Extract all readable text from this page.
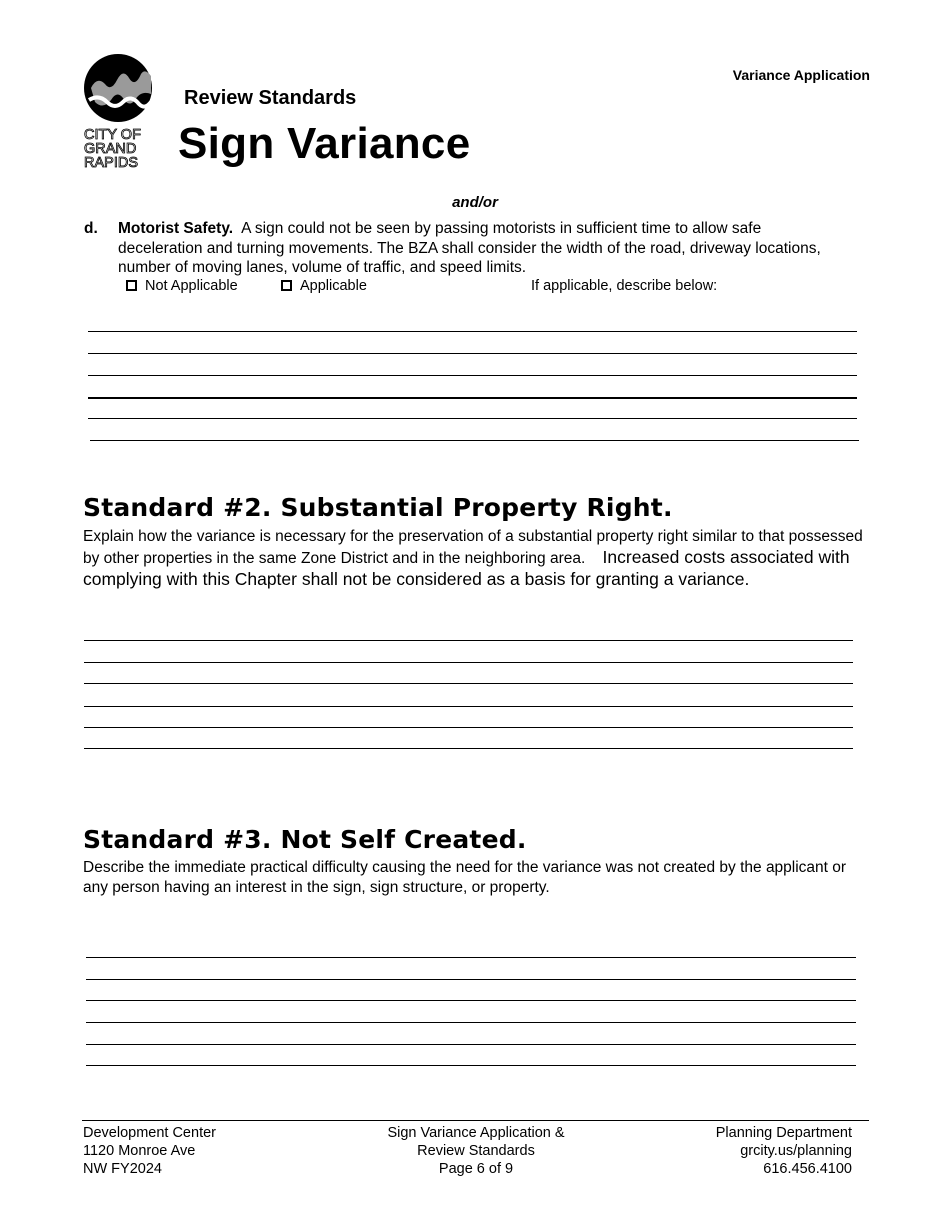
Variance Application
CITY OF
GRAND
RAPIDS
Review Standards
Sign Variance
and/or
d. Motorist Safety. A sign could not be seen by passing motorists in sufficient time to allow safe deceleration and turning movements. The BZA shall consider the width of the road, driveway locations, number of moving lanes, volume of traffic, and speed limits.
Not Applicable	Applicable	If applicable, describe below:
Standard #2. Substantial Property Right.
Explain how the variance is necessary for the preservation of a substantial property right similar to that possessed by other properties in the same Zone District and in the neighboring area. Increased costs associated with complying with this Chapter shall not be considered as a basis for granting a variance.
Standard #3. Not Self Created.
Describe the immediate practical difficulty causing the need for the variance was not created by the applicant or any person having an interest in the sign, sign structure, or property.
Development Center
1120 Monroe Ave
NW FY2024
Sign Variance Application &
Review Standards
Page 6 of 9
Planning Department
grcity.us/planning
616.456.4100
